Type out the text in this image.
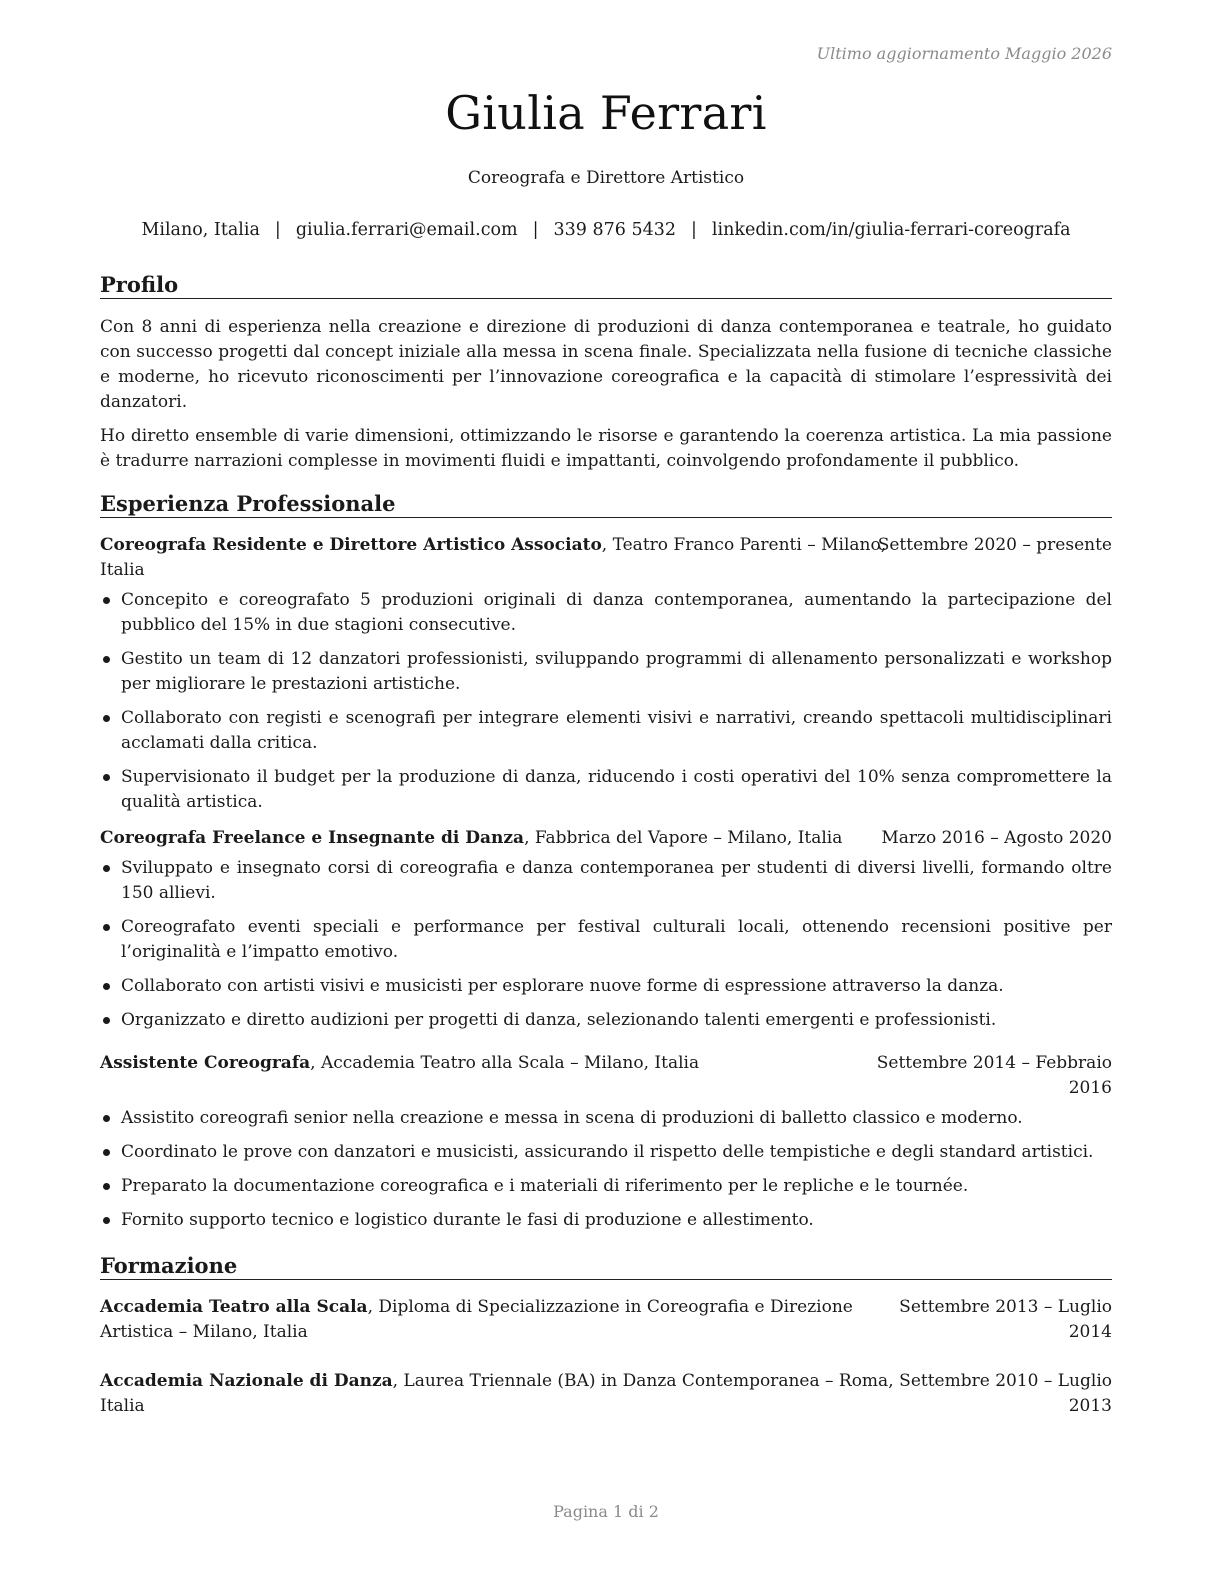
Ultimo aggiornamento Maggio 2026
Giulia Ferrari
Coreografa e Direttore Artistico
Milano, Italia | giulia.ferrari@email.com | 339 876 5432 | linkedin.com/in/giulia-ferrari-coreografa
Profilo

Con 8 anni di esperienza nella creazione e direzione di produzioni di danza contemporanea e teatrale, ho guidato con successo progetti dal concept iniziale alla messa in scena finale. Specializzata nella fusione di tecniche classiche e moderne, ho ricevuto riconoscimenti per l’innovazione coreografica e la capacità di stimolare l’espressività dei danzatori.

Ho diretto ensemble di varie dimensioni, ottimizzando le risorse e garantendo la coerenza artistica. La mia passione è tradurre narrazioni complesse in movimenti fluidi e impattanti, coinvolgendo profondamente il pubblico.

Esperienza Professionale
Coreografa Residente e Direttore Artistico Associato, Teatro Franco Parenti – Milano,
Italia
Settembre 2020 – presente
Concepito e coreografato 5 produzioni originali di danza contemporanea, aumentando la partecipazione del pubblico del 15% in due stagioni consecutive.
Gestito un team di 12 danzatori professionisti, sviluppando programmi di allenamento personalizzati e workshop per migliorare le prestazioni artistiche.
Collaborato con registi e scenografi per integrare elementi visivi e narrativi, creando spettacoli multidisciplinari acclamati dalla critica.
Supervisionato il budget per la produzione di danza, riducendo i costi operativi del 10% senza compromettere la qualità artistica.
Coreografa Freelance e Insegnante di Danza, Fabbrica del Vapore – Milano, Italia Marzo 2016 – Agosto 2020
Sviluppato e insegnato corsi di coreografia e danza contemporanea per studenti di diversi livelli, formando oltre 150 allievi.
Coreografato eventi speciali e performance per festival culturali locali, ottenendo recensioni positive per l’originalità e l’impatto emotivo.
Collaborato con artisti visivi e musicisti per esplorare nuove forme di espressione attraverso la danza.
Organizzato e diretto audizioni per progetti di danza, selezionando talenti emergenti e professionisti.
Assistente Coreografa, Accademia Teatro alla Scala – Milano, Italia	Settembre 2014 – Febbraio
2016
Assistito coreografi senior nella creazione e messa in scena di produzioni di balletto classico e moderno.
Coordinato le prove con danzatori e musicisti, assicurando il rispetto delle tempistiche e degli standard artistici.
Preparato la documentazione coreografica e i materiali di riferimento per le repliche e le tournée.
Fornito supporto tecnico e logistico durante le fasi di produzione e allestimento.
Formazione
Accademia Teatro alla Scala, Diploma di Specializzazione in Coreografia e Direzione
Artistica – Milano, Italia
Settembre 2013 – Luglio
2014
Accademia Nazionale di Danza, Laurea Triennale (BA) in Danza Contemporanea – Roma,
Italia
Settembre 2010 – Luglio
2013
Pagina 1 di 2
